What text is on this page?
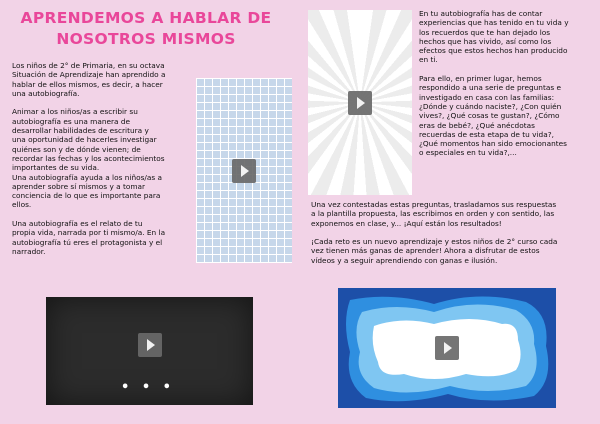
APRENDEMOS A HABLAR DE
NOSOTROS MISMOS

Los niños de 2° de Primaria, en su octava

Situación de Aprendizaje han aprendido a

hablar de ellos mismos, es decir, a hacer

una autobiografía.

Animar a los niños/as a escribir su

autobiografía es una manera de

desarrollar habilidades de escritura y

una oportunidad de hacerles investigar

quiénes son y de dónde vienen; de

recordar las fechas y los acontecimientos

importantes de su vida.

Una autobiografía ayuda a los niños/as a

aprender sobre sí mismos y a tomar

conciencia de lo que es importante para

ellos.

Una autobiografía es el relato de tu

propia vida, narrada por ti mismo/a. En la

autobiografía tú eres el protagonista y el

narrador.

En tu autobiografía has de contar

experiencias que has tenido en tu vida y

los recuerdos que te han dejado los

hechos que has vivido, así como los

efectos que estos hechos han producido

en ti.

Para ello, en primer lugar, hemos

respondido a una serie de preguntas e

investigado en casa con las familias:

¿Dónde y cuándo naciste?, ¿Con quién

vives?, ¿Qué cosas te gustan?, ¿Cómo

eras de bebé?, ¿Qué anécdotas

recuerdas de esta etapa de tu vida?,

¿Qué momentos han sido emocionantes

o especiales en tu vida?,...

Una vez contestadas estas preguntas, trasladamos sus respuestas

a la plantilla propuesta, las escribimos en orden y con sentido, las

exponemos en clase, y... ¡Aquí están los resultados!

¡Cada reto es un nuevo aprendizaje y estos niños de 2° curso cada

vez tienen más ganas de aprender! Ahora a disfrutar de estos

vídeos y a seguir aprendiendo con ganas e ilusión.

• • •
